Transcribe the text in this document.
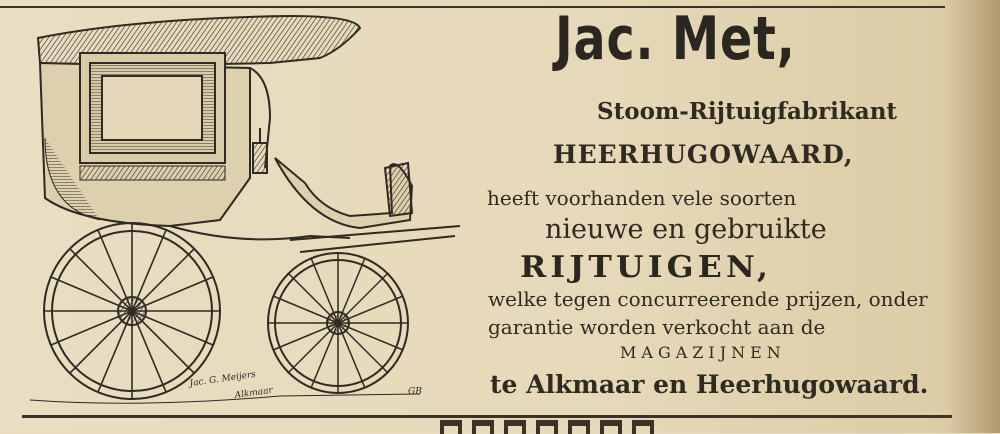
Jac. G. Meijers
Alkmaar	GB
Jac. Met,
Stoom-Rijtuigfabrikant
HEERHUGOWAARD,
heeft voorhanden vele soorten
nieuwe en gebruikte
RIJTUIGEN,
welke tegen concurreerende prijzen, onder
garantie worden verkocht aan de
MAGAZIJNEN
te Alkmaar en Heerhugowaard.
